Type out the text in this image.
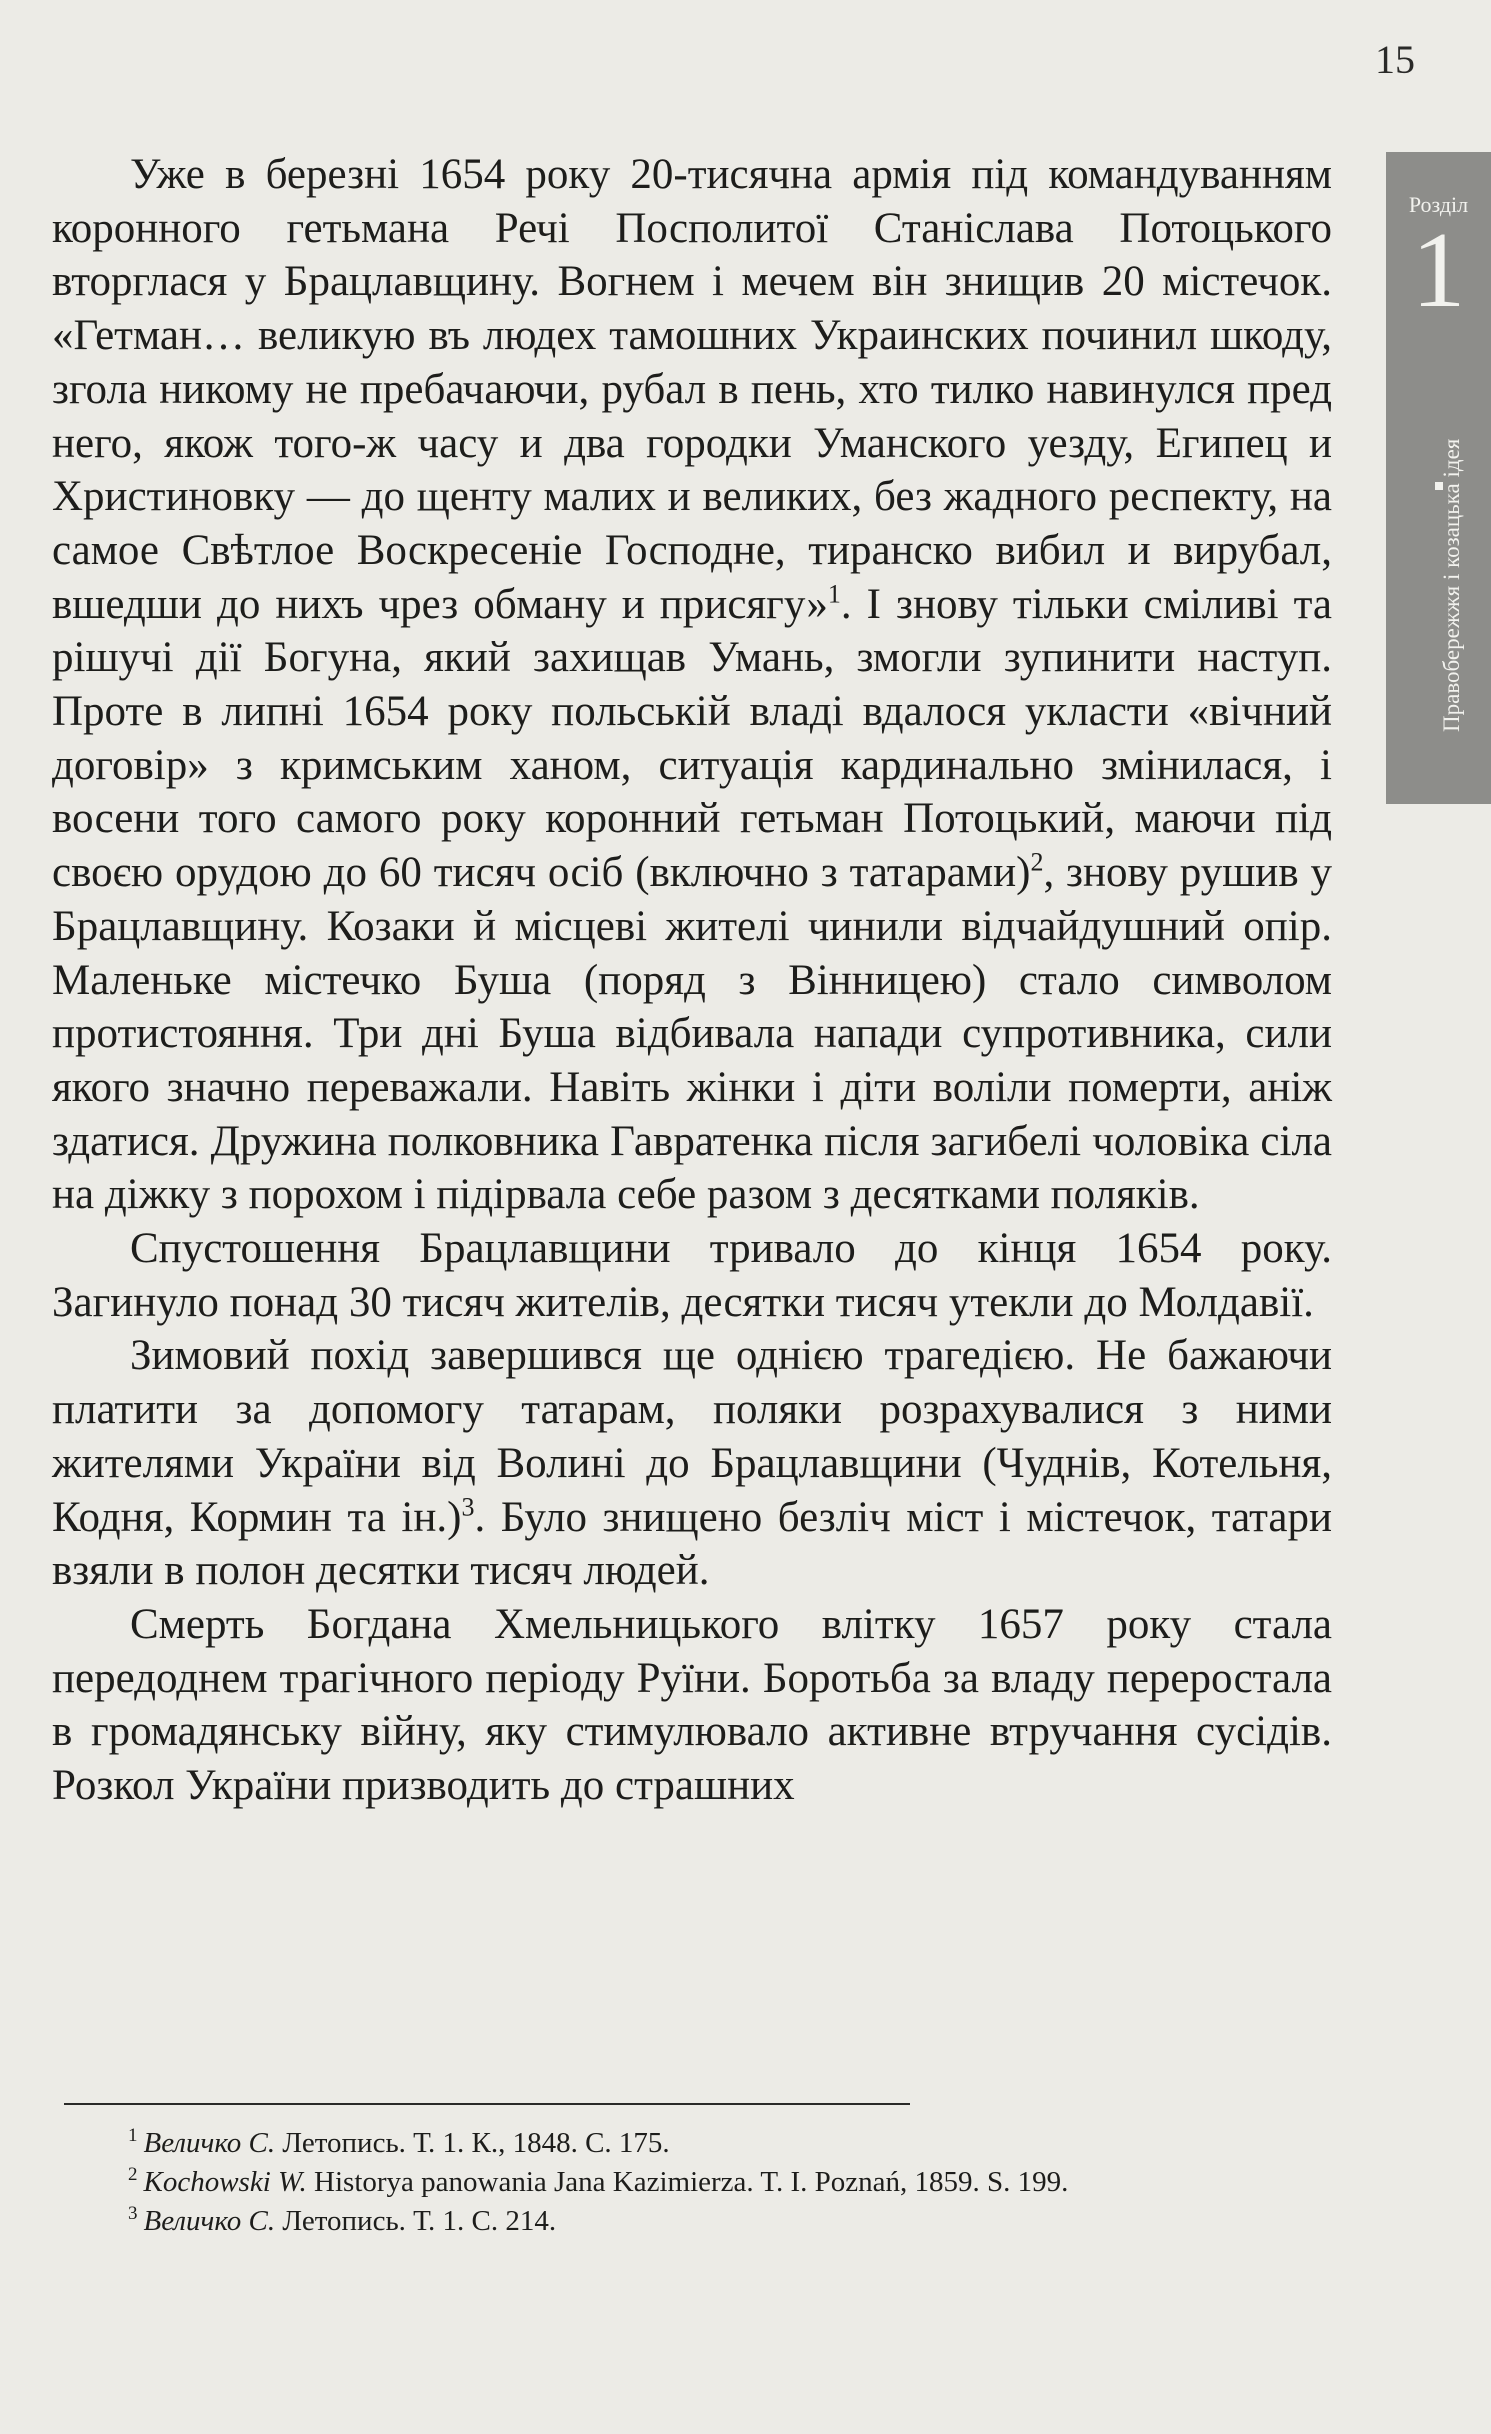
15
Розділ
1
Правобережжя і козацька ідея

Уже в березні 1654 року 20-тисячна армія під командуванням коронного гетьмана Речі Посполитої Станіслава Потоцького вторглася у Брацлавщину. Вогнем і мечем він знищив 20 містечок. «Гетман… великую въ людех тамошних Украинских починил шкоду, згола никому не пребачаючи, рубал в пень, хто тилко навинулся пред него, якож того-ж часу и два городки Уманского уезду, Египец и Христиновку — до щенту малих и великих, без жадного респекту, на самое Свѣтлое Воскресеніе Господне, тиранско вибил и вирубал, вшедши до нихъ чрез обману и присягу»$^1$. І знову тільки сміливі та рішучі дії Богуна, який захищав Умань, змогли зупинити наступ. Проте в липні 1654 року польській владі вдалося укласти «вічний договір» з кримським ханом, ситуація кардинально змінилася, і восени того самого року коронний гетьман Потоцький, маючи під своєю орудою до 60 тисяч осіб (включно з татарами)$^2$, знову рушив у Брацлавщину. Козаки й місцеві жителі чинили відчайдушний опір. Маленьке містечко Буша (поряд з Вінницею) стало символом протистояння. Три дні Буша відбивала напади супротивника, сили якого значно переважали. Навіть жінки і діти воліли померти, аніж здатися. Дружина полковника Гавратенка після загибелі чоловіка сіла на діжку з порохом і підірвала себе разом з десятками поляків.

Спустошення Брацлавщини тривало до кінця 1654 року. Загинуло понад 30 тисяч жителів, десятки тисяч утекли до Молдавії.

Зимовий похід завершився ще однією трагедією. Не бажаючи платити за допомогу татарам, поляки розрахувалися з ними жителями України від Волині до Брацлавщини (Чуднів, Котельня, Кодня, Кормин та ін.)$^3$. Було знищено безліч міст і містечок, татари взяли в полон десятки тисяч людей.

Смерть Богдана Хмельницького влітку 1657 року стала передоднем трагічного періоду Руїни. Боротьба за владу переростала в громадянську війну, яку стимулювало активне втручання сусідів. Розкол України призводить до страшних

$^1$ Величко С. Летопись. Т. 1. К., 1848. С. 175.
$^2$ Kochowski W. Historya panowania Jana Kazimierza. T. I. Poznań, 1859. S. 199.
$^3$ Величко С. Летопись. Т. 1. С. 214.
